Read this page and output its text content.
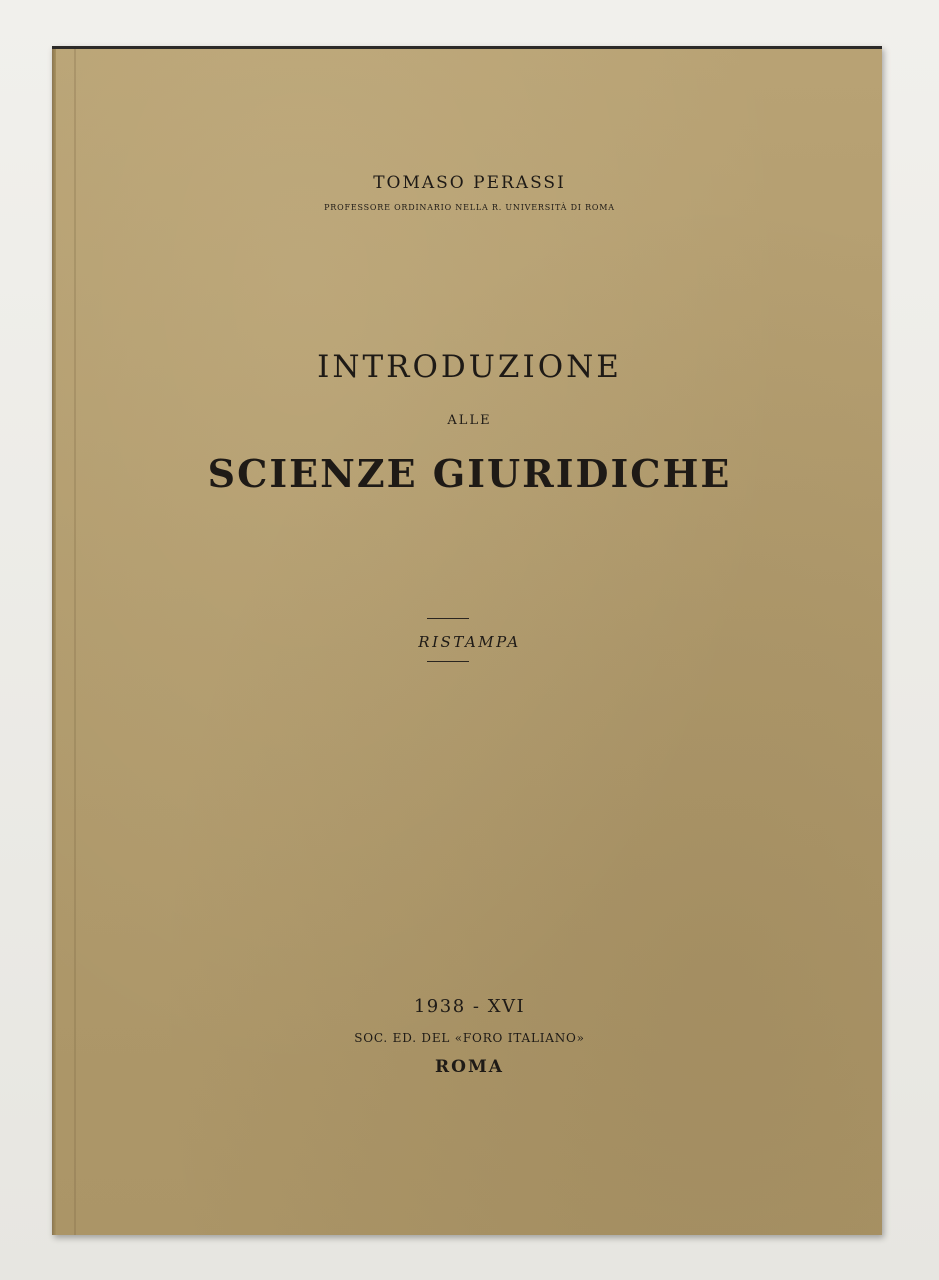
TOMASO PERASSI

PROFESSORE ORDINARIO NELLA R. UNIVERSITÀ DI ROMA

INTRODUZIONE

ALLE

SCIENZE GIURIDICHE

RISTAMPA

1938 - XVI

SOC. ED. DEL «FORO ITALIANO»

ROMA
